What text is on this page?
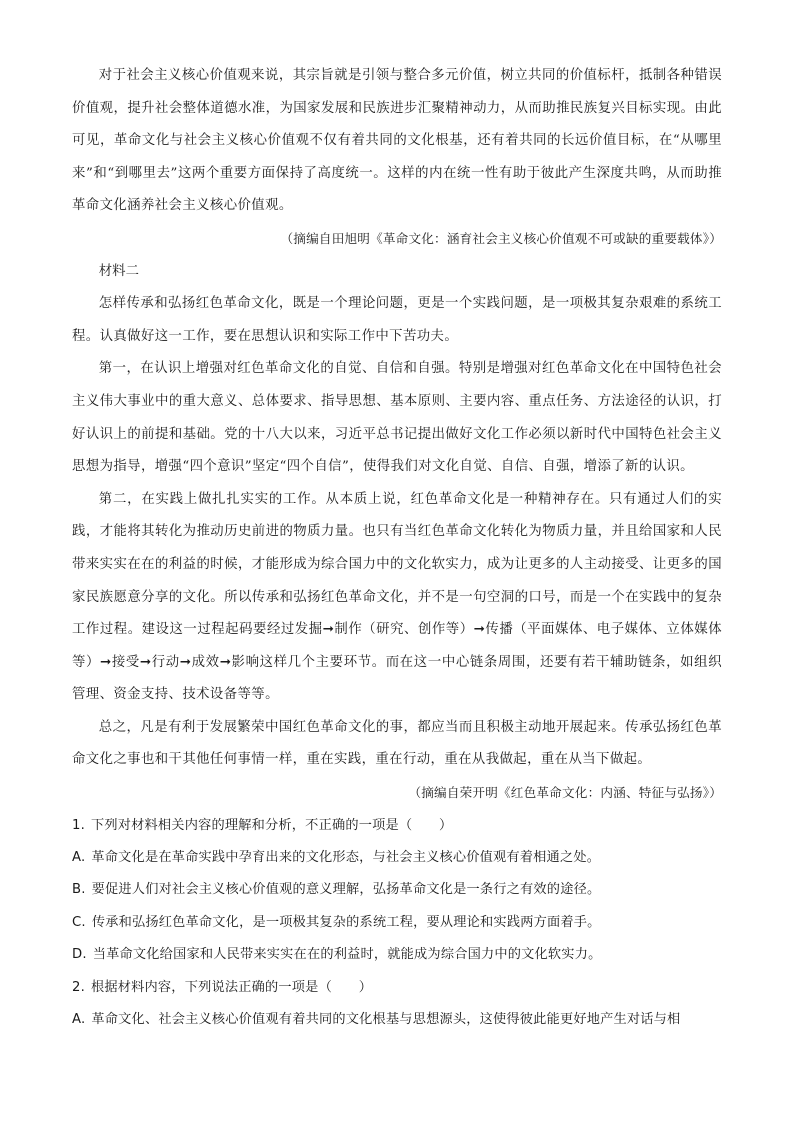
对于社会主义核心价值观来说，其宗旨就是引领与整合多元价值，树立共同的价值标杆，抵制各种错误价值观，提升社会整体道德水准，为国家发展和民族进步汇聚精神动力，从而助推民族复兴目标实现。由此可见，革命文化与社会主义核心价值观不仅有着共同的文化根基，还有着共同的长远价值目标，在“从哪里来”和“到哪里去”这两个重要方面保持了高度统一。这样的内在统一性有助于彼此产生深度共鸣，从而助推革命文化涵养社会主义核心价值观。

（摘编自田旭明《革命文化：涵育社会主义核心价值观不可或缺的重要载体》）

材料二

怎样传承和弘扬红色革命文化，既是一个理论问题，更是一个实践问题，是一项极其复杂艰难的系统工程。认真做好这一工作，要在思想认识和实际工作中下苦功夫。

第一，在认识上增强对红色革命文化的自觉、自信和自强。特别是增强对红色革命文化在中国特色社会主义伟大事业中的重大意义、总体要求、指导思想、基本原则、主要内容、重点任务、方法途径的认识，打好认识上的前提和基础。党的十八大以来，习近平总书记提出做好文化工作必须以新时代中国特色社会主义思想为指导，增强“四个意识”坚定“四个自信”，使得我们对文化自觉、自信、自强，增添了新的认识。

第二，在实践上做扎扎实实的工作。从本质上说，红色革命文化是一种精神存在。只有通过人们的实践，才能将其转化为推动历史前进的物质力量。也只有当红色革命文化转化为物质力量，并且给国家和人民带来实实在在的利益的时候，才能形成为综合国力中的文化软实力，成为让更多的人主动接受、让更多的国家民族愿意分享的文化。所以传承和弘扬红色革命文化，并不是一句空洞的口号，而是一个在实践中的复杂工作过程。建设这一过程起码要经过发掘➞制作（研究、创作等）➞传播（平面媒体、电子媒体、立体媒体等）➞接受➞行动➞成效➞影响这样几个主要环节。而在这一中心链条周围，还要有若干辅助链条，如组织管理、资金支持、技术设备等等。

总之，凡是有利于发展繁荣中国红色革命文化的事，都应当而且积极主动地开展起来。传承弘扬红色革命文化之事也和干其他任何事情一样，重在实践，重在行动，重在从我做起，重在从当下做起。

（摘编自荣开明《红色革命文化：内涵、特征与弘扬》）

1. 下列对材料相关内容的理解和分析，不正确的一项是（　　）

A. 革命文化是在革命实践中孕育出来的文化形态，与社会主义核心价值观有着相通之处。

B. 要促进人们对社会主义核心价值观的意义理解，弘扬革命文化是一条行之有效的途径。

C. 传承和弘扬红色革命文化，是一项极其复杂的系统工程，要从理论和实践两方面着手。

D. 当革命文化给国家和人民带来实实在在的利益时，就能成为综合国力中的文化软实力。

2. 根据材料内容，下列说法正确的一项是（　　）

A. 革命文化、社会主义核心价值观有着共同的文化根基与思想源头，这使得彼此能更好地产生对话与相
